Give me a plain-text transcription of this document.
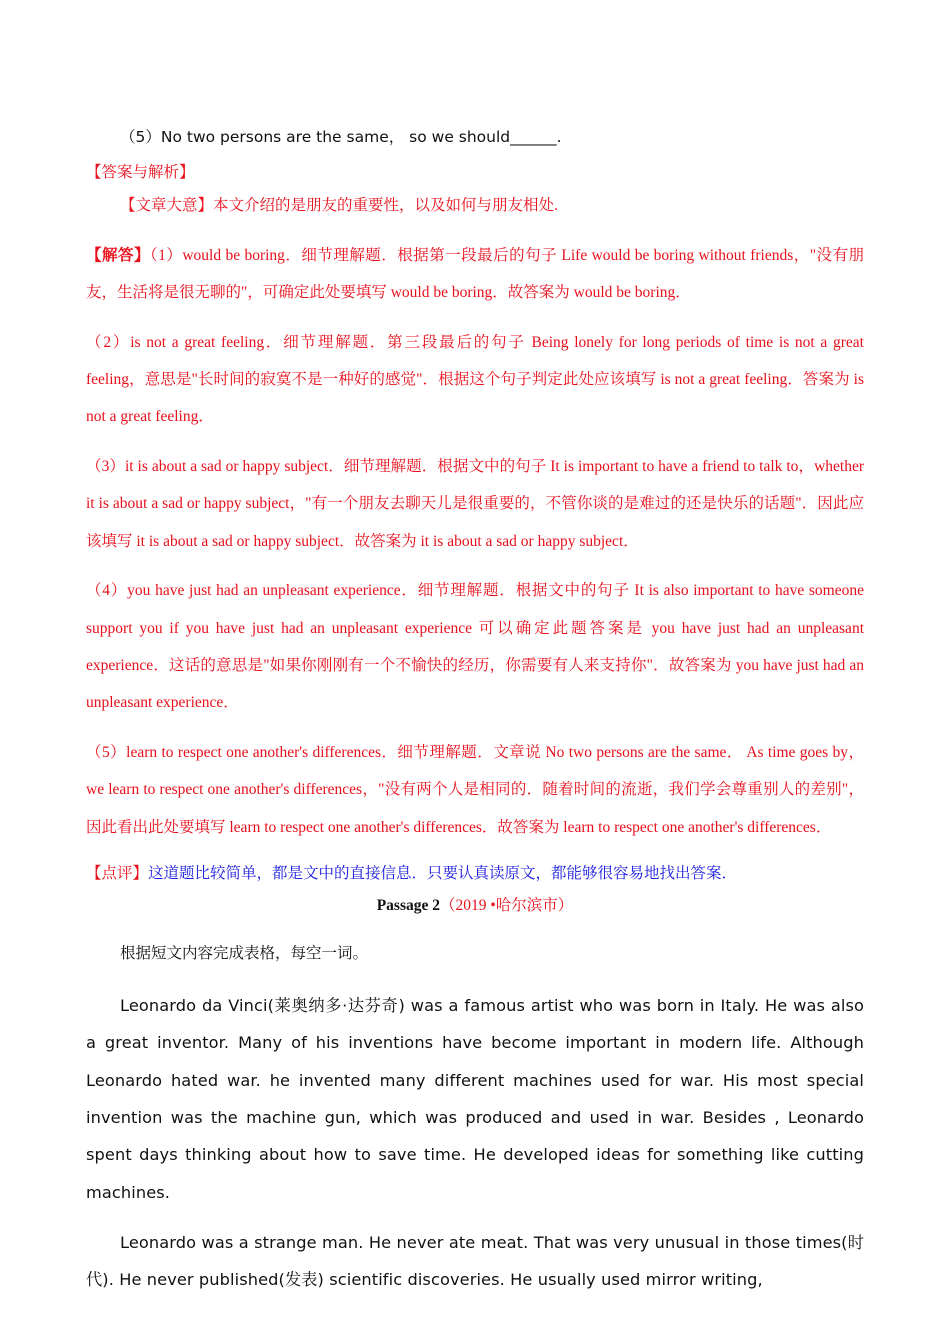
（5）No two persons are the same， so we should______.

【答案与解析】

【文章大意】本文介绍的是朋友的重要性，以及如何与朋友相处.

【解答】（1）would be boring．细节理解题．根据第一段最后的句子 Life would be boring without friends，"没有朋友，生活将是很无聊的"，可确定此处要填写 would be boring．故答案为 would be boring．

（2）is not a great feeling．细节理解题．第三段最后的句子 Being lonely for long periods of time is not a great feeling，意思是"长时间的寂寞不是一种好的感觉"．根据这个句子判定此处应该填写 is not a great feeling．答案为 is not a great feeling．

（3）it is about a sad or happy subject．细节理解题．根据文中的句子 It is important to have a friend to talk to，whether it is about a sad or happy subject，"有一个朋友去聊天儿是很重要的，不管你谈的是难过的还是快乐的话题"．因此应该填写 it is about a sad or happy subject．故答案为 it is about a sad or happy subject．

（4）you have just had an unpleasant experience．细节理解题．根据文中的句子 It is also important to have someone support you if you have just had an unpleasant experience 可以确定此题答案是 you have just had an unpleasant experience．这话的意思是"如果你刚刚有一个不愉快的经历，你需要有人来支持你"．故答案为 you have just had an unpleasant experience．

（5）learn to respect one another's differences．细节理解题．文章说 No two persons are the same． As time goes by， we learn to respect one another's differences，"没有两个人是相同的．随着时间的流逝，我们学会尊重别人的差别"，因此看出此处要填写 learn to respect one another's differences．故答案为 learn to respect one another's differences．

【点评】这道题比较简单，都是文中的直接信息．只要认真读原文，都能够很容易地找出答案．

Passage 2（2019 •哈尔滨市）

根据短文内容完成表格，每空一词。

Leonardo da Vinci(莱奥纳多·达芬奇) was a famous artist who was born in Italy. He was also a great inventor. Many of his inventions have become important in modern life. Although Leonardo hated war. he invented many different machines used for war. His most special invention was the machine gun, which was produced and used in war. Besides , Leonardo spent days thinking about how to save time. He developed ideas for something like cutting machines.

Leonardo was a strange man. He never ate meat. That was very unusual in those times(时代). He never published(发表) scientific discoveries. He usually used mirror writing,
